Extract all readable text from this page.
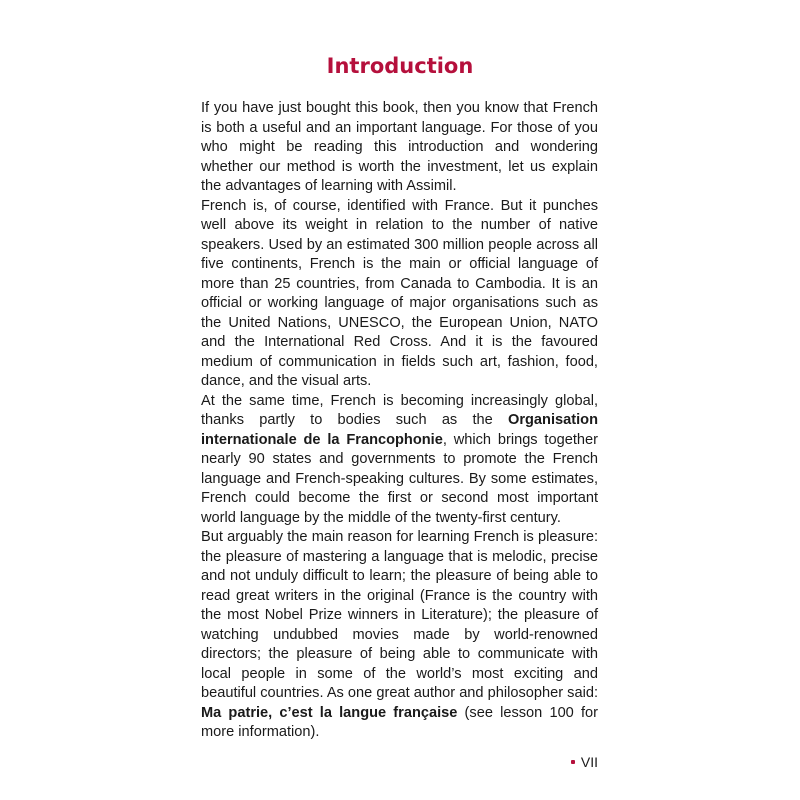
Introduction

If you have just bought this book, then you know that French is both a useful and an important language. For those of you who might be reading this introduction and wondering whether our method is worth the investment, let us explain the advantages of learning with Assimil.

French is, of course, identified with France. But it punches well above its weight in relation to the number of native speakers. Used by an estimated 300 million people across all five continents, French is the main or official language of more than 25 countries, from Canada to Cambodia. It is an official or working language of major organisations such as the United Nations, UNESCO, the European Union, NATO and the International Red Cross. And it is the favoured medium of communication in fields such art, fashion, food, dance, and the visual arts.

At the same time, French is becoming increasingly global, thanks partly to bodies such as the Organisation internationale de la Francophonie, which brings together nearly 90 states and governments to promote the French language and French-speaking cultures. By some estimates, French could become the first or second most important world language by the middle of the twenty-first century.

But arguably the main reason for learning French is pleasure: the pleasure of mastering a language that is melodic, precise and not unduly difficult to learn; the pleasure of being able to read great writers in the original (France is the country with the most Nobel Prize winners in Literature); the pleasure of watching undubbed movies made by world-renowned directors; the pleasure of being able to communicate with local people in some of the world’s most exciting and beautiful countries. As one great author and philosopher said: Ma patrie, c’est la langue française (see lesson 100 for more information).

VII
